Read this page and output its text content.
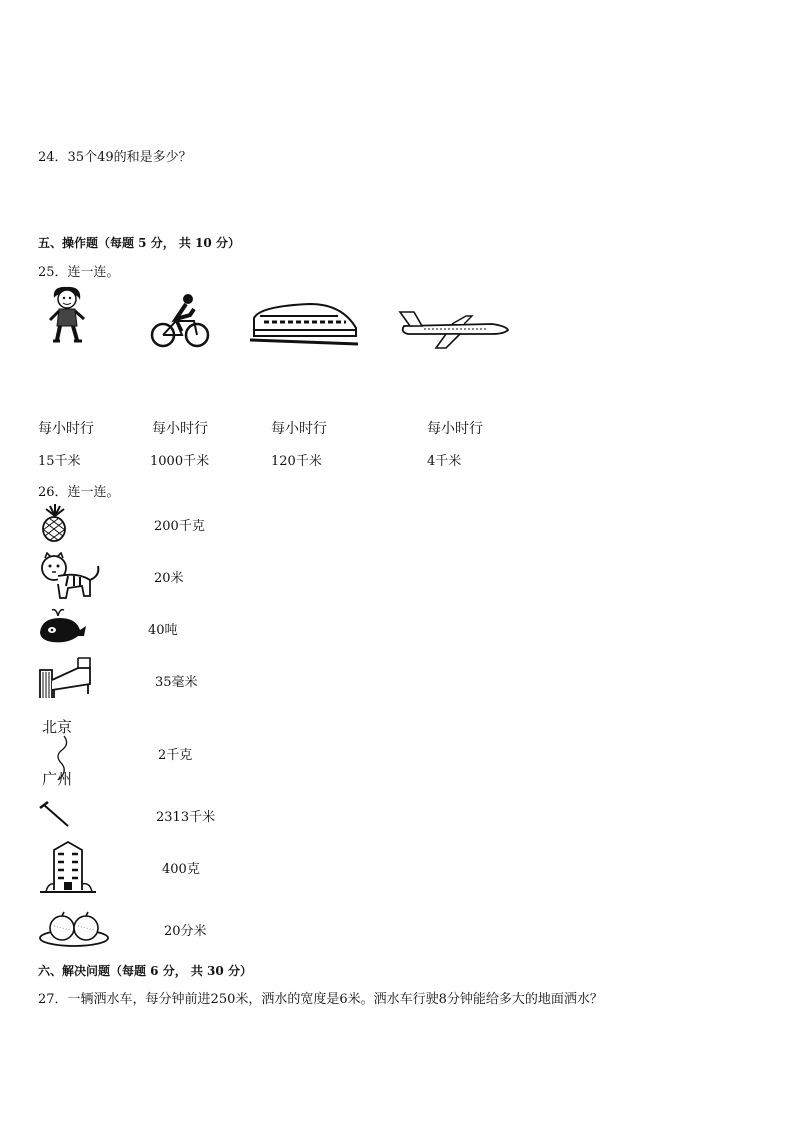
24．35个49的和是多少？
五、操作题（每题 5 分， 共 10 分）
25．连一连。
每小时行	每小时行	每小时行	每小时行
15千米	1000千米	120千米	4千米
26．连一连。
北京
广州
200千克
20米
40吨
35毫米
2千克
2313千米
400克
20分米
六、解决问题（每题 6 分， 共 30 分）
27．一辆洒水车，每分钟前进250米，洒水的宽度是6米。洒水车行驶8分钟能给多大的地面洒水？
